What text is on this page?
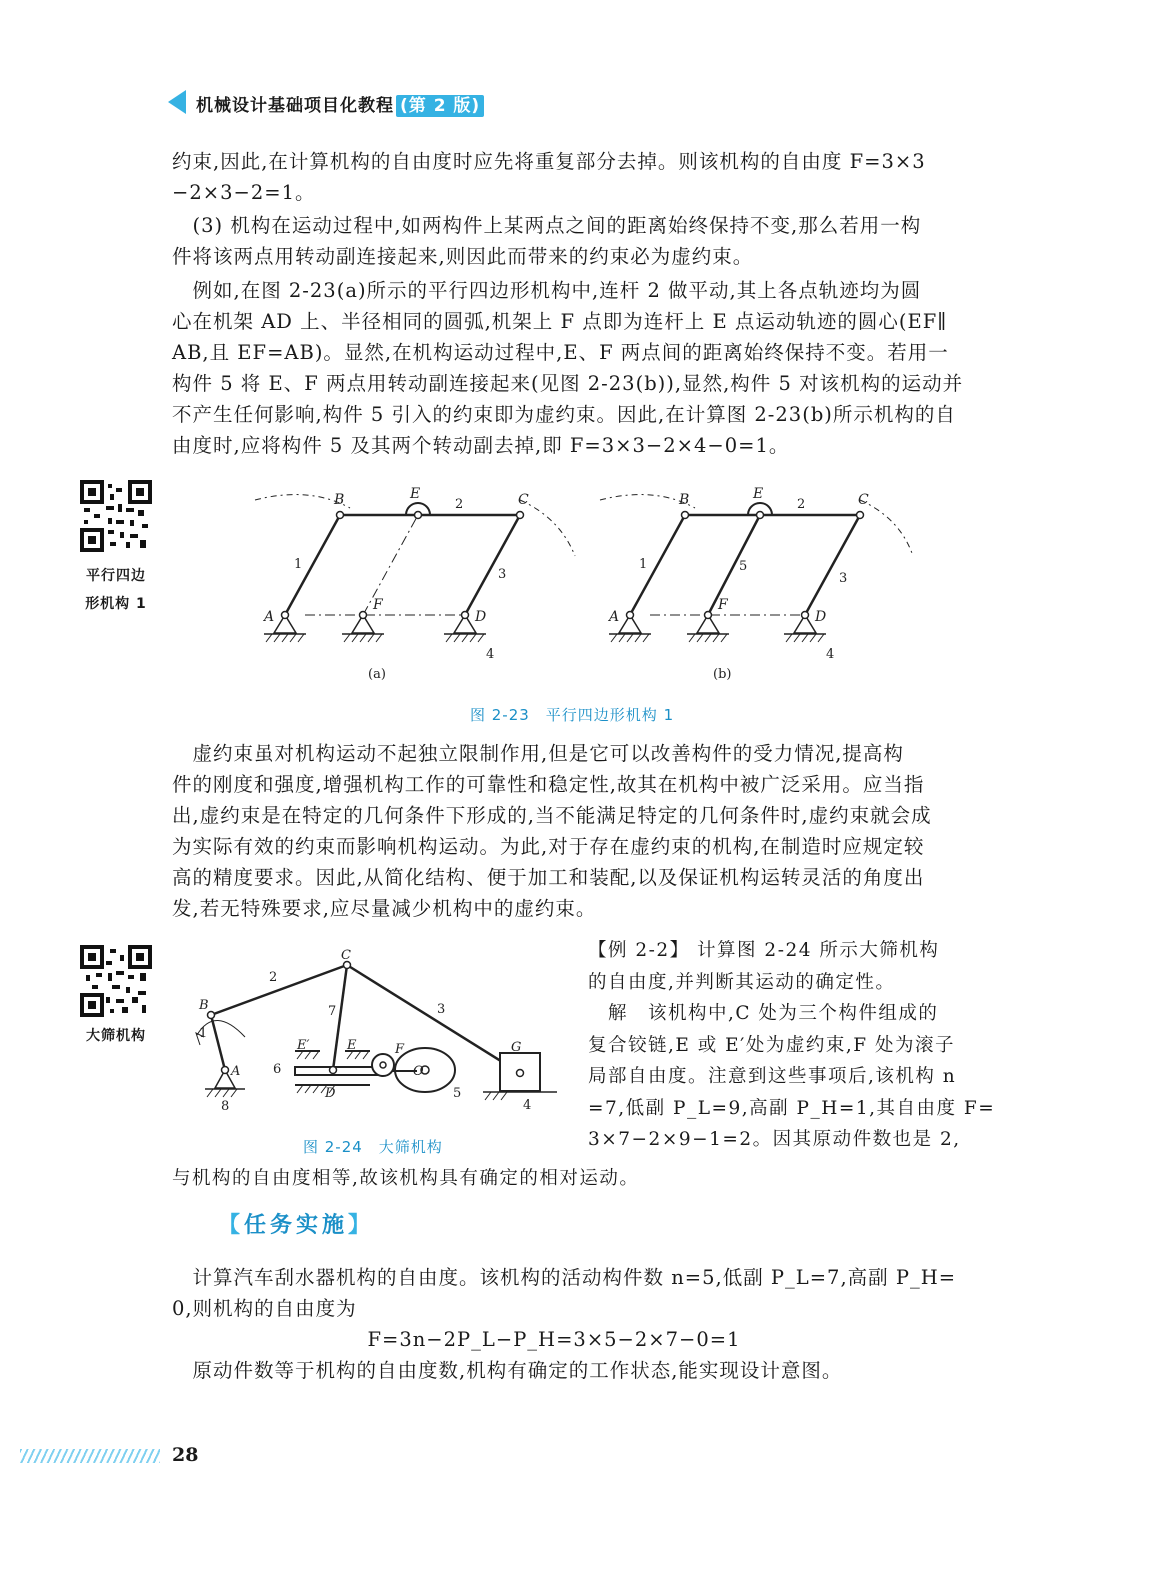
机械设计基础项目化教程 (第 2 版)
约束,因此,在计算机构的自由度时应先将重复部分去掉。则该机构的自由度 F=3×3
−2×3−2=1。
　(3) 机构在运动过程中,如两构件上某两点之间的距离始终保持不变,那么若用一构
件将该两点用转动副连接起来,则因此而带来的约束必为虚约束。
　例如,在图 2-23(a)所示的平行四边形机构中,连杆 2 做平动,其上各点轨迹均为圆
心在机架 AD 上、半径相同的圆弧,机架上 F 点即为连杆上 E 点运动轨迹的圆心(EF∥
AB,且 EF=AB)。显然,在机构运动过程中,E、F 两点间的距离始终保持不变。若用一
构件 5 将 E、F 两点用转动副连接起来(见图 2-23(b)),显然,构件 5 对该机构的运动并
不产生任何影响,构件 5 引入的约束即为虚约束。因此,在计算图 2-23(b)所示机构的自
由度时,应将构件 5 及其两个转动副去掉,即 F=3×3−2×4−0=1。
平行四边
形机构 1
A
B	C
D
E
F
1
2
3
4
(a)
A
B	C
D
E
F
1
2
3
4
5
(b)
图 2-23　平行四边形机构 1
　虚约束虽对机构运动不起独立限制作用,但是它可以改善构件的受力情况,提高构
件的刚度和强度,增强机构工作的可靠性和稳定性,故其在机构中被广泛采用。应当指
出,虚约束是在特定的几何条件下形成的,当不能满足特定的几何条件时,虚约束就会成
为实际有效的约束而影响机构运动。为此,对于存在虚约束的机构,在制造时应规定较
高的精度要求。因此,从简化结构、便于加工和装配,以及保证机构运转灵活的角度出
发,若无特殊要求,应尽量减少机构中的虚约束。
大筛机构
A
B
C
D
E
E′	F	G
O
1
2
3
4
5
6
7
8
图 2-24　大筛机构
【例 2-2】 计算图 2-24 所示大筛机构
的自由度,并判断其运动的确定性。
　解　该机构中,C 处为三个构件组成的
复合铰链,E 或 E′处为虚约束,F 处为滚子
局部自由度。注意到这些事项后,该机构 n
=7,低副 P_L=9,高副 P_H=1,其自由度 F=
3×7−2×9−1=2。因其原动件数也是 2,
与机构的自由度相等,故该机构具有确定的相对运动。
【任务实施】
　计算汽车刮水器机构的自由度。该机构的活动构件数 n=5,低副 P_L=7,高副 P_H=
0,则机构的自由度为
F=3n−2P_L−P_H=3×5−2×7−0=1
　原动件数等于机构的自由度数,机构有确定的工作状态,能实现设计意图。
28
